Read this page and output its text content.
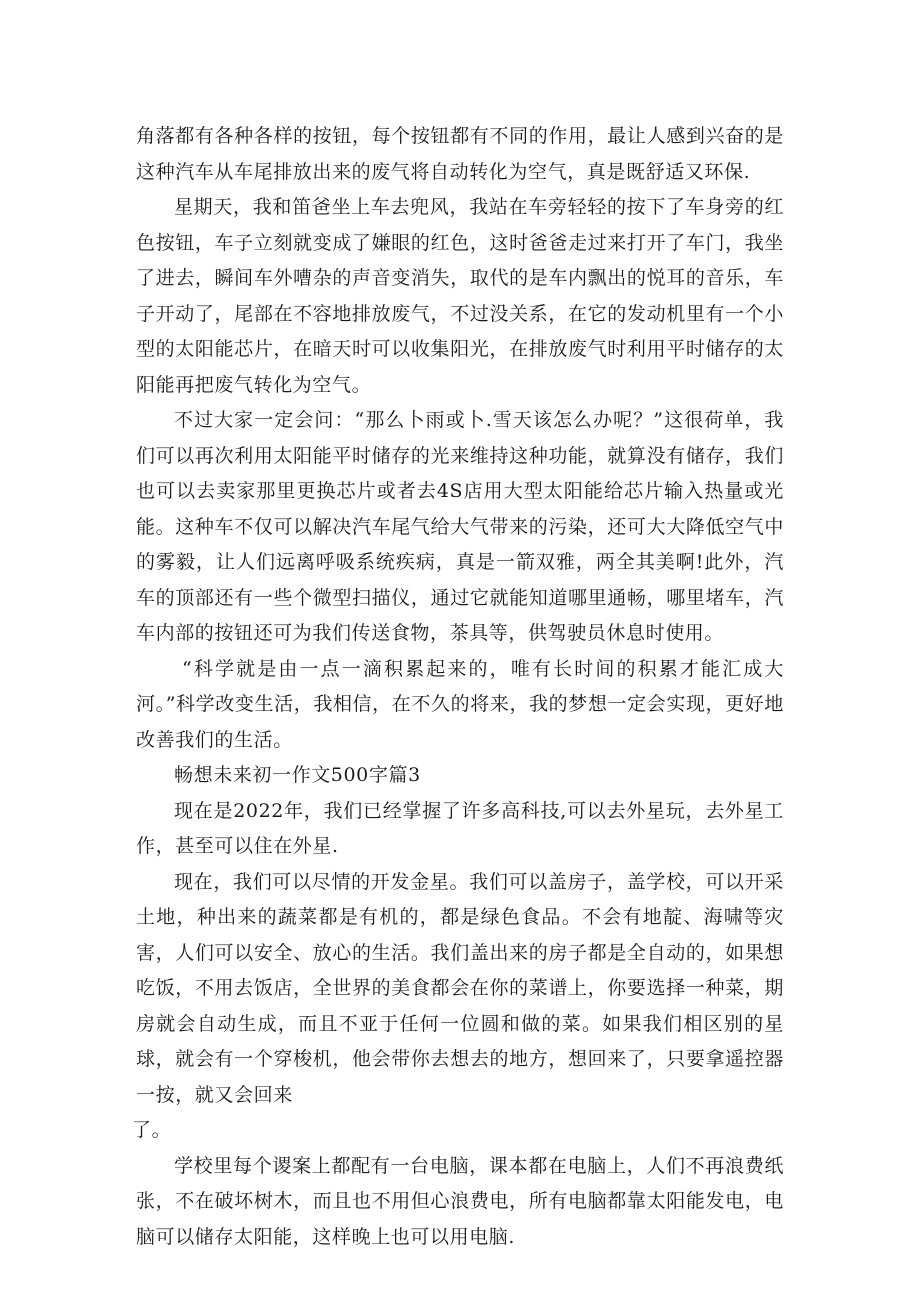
角落都有各种各样的按钮，每个按钮都有不同的作用，最让人感到兴奋的是这种汽车从车尾排放出来的废气将自动转化为空气，真是既舒适又环保.

星期天，我和笛爸坐上车去兜风，我站在车旁轻轻的按下了车身旁的红色按钮，车子立刻就变成了嫌眼的红色，这时爸爸走过来打开了车门，我坐了进去，瞬间车外嘈杂的声音变消失，取代的是车内飘出的悦耳的音乐，车子开动了，尾部在不容地排放废气，不过没关系，在它的发动机里有一个小型的太阳能芯片，在暗天时可以收集阳光，在排放废气时利用平时储存的太阳能再把废气转化为空气。

不过大家一定会问：“那么卜雨或卜.雪天该怎么办呢？”这很荷单，我们可以再次利用太阳能平时储存的光来维持这种功能，就算没有储存，我们也可以去卖家那里更换芯片或者去4S店用大型太阳能给芯片输入热量或光能。这种车不仅可以解决汽车尾气给大气带来的污染，还可大大降低空气中的雾毅，让人们远离呼吸系统疾病，真是一箭双雅，两全其美啊!此外，汽车的顶部还有一些个微型扫描仪，通过它就能知道哪里通畅，哪里堵车，汽车内部的按钮还可为我们传送食物，茶具等，供驾驶员休息时使用。

“科学就是由一点一滴积累起来的，唯有长时间的积累才能汇成大河。”科学改变生活，我相信，在不久的将来，我的梦想一定会实现，更好地改善我们的生活。

畅想未来初一作文500字篇3

现在是2022年，我们已经掌握了许多高科技,可以去外星玩，去外星工作，甚至可以住在外星.

现在，我们可以尽情的开发金星。我们可以盖房子，盖学校，可以开采土地，种出来的蔬菜都是有机的，都是绿色食品。不会有地靛、海啸等灾害，人们可以安全、放心的生活。我们盖出来的房子都是全自动的，如果想吃饭，不用去饭店，全世界的美食都会在你的菜谱上，你要选择一种菜，期房就会自动生成，而且不亚于任何一位圆和做的菜。如果我们相区别的星球，就会有一个穿梭机，他会带你去想去的地方，想回来了，只要拿遥控器一按，就又会回来

了。

学校里每个谡案上都配有一台电脑，课本都在电脑上，人们不再浪费纸张，不在破坏树木，而且也不用但心浪费电，所有电脑都靠太阳能发电，电脑可以储存太阳能，这样晚上也可以用电脑.
